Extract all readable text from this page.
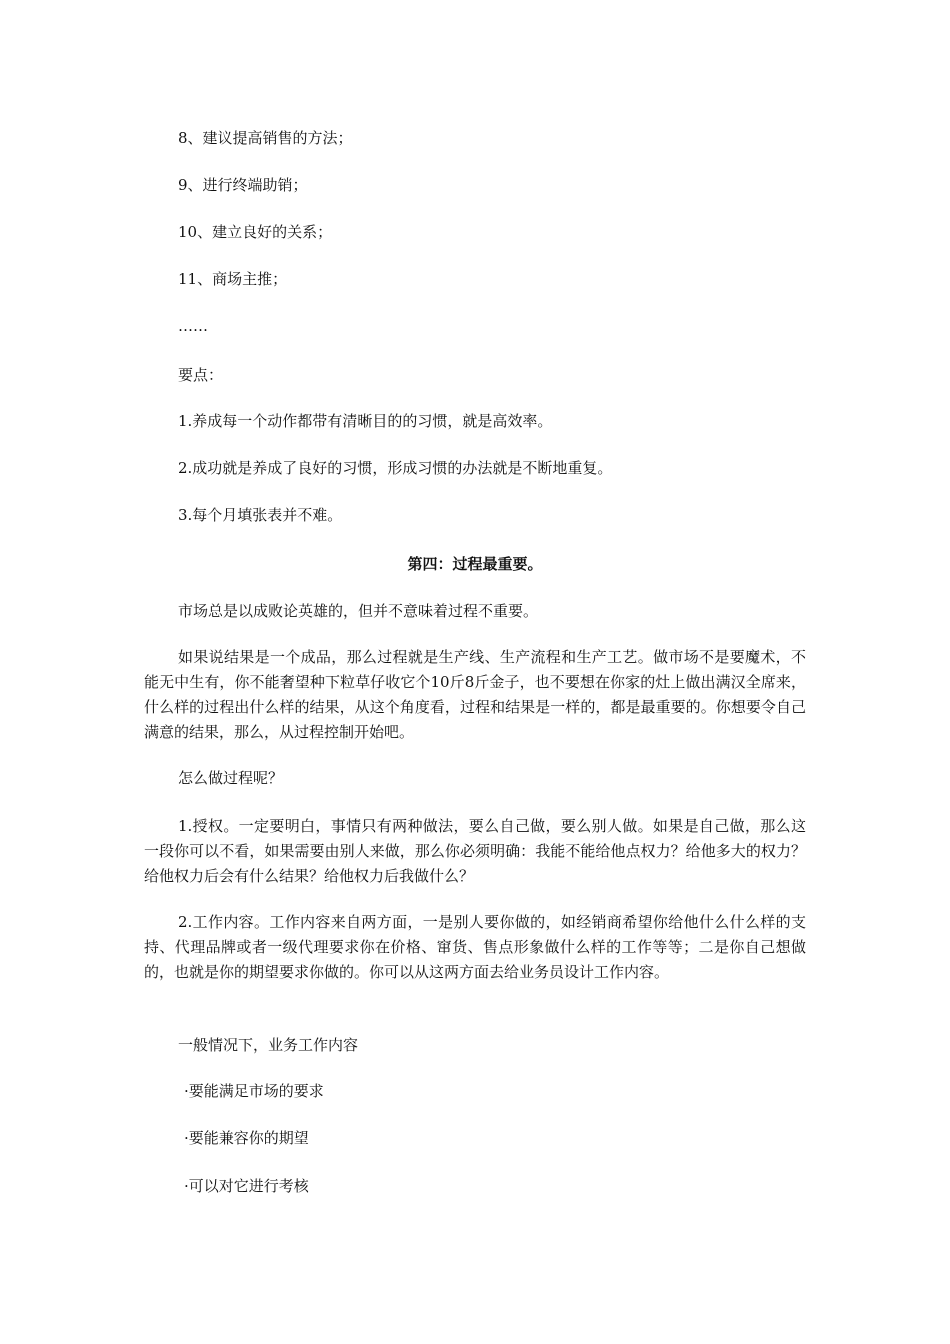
8、建议提高销售的方法；

9、进行终端助销；

10、建立良好的关系；

11、商场主推；

……

要点：

1.养成每一个动作都带有清晰目的的习惯，就是高效率。

2.成功就是养成了良好的习惯，形成习惯的办法就是不断地重复。

3.每个月填张表并不难。

第四：过程最重要。

市场总是以成败论英雄的，但并不意味着过程不重要。

如果说结果是一个成品，那么过程就是生产线、生产流程和生产工艺。做市场不是要魔术，不能无中生有，你不能奢望种下粒草仔收它个10斤8斤金子，也不要想在你家的灶上做出满汉全席来，什么样的过程出什么样的结果，从这个角度看，过程和结果是一样的，都是最重要的。你想要令自己满意的结果，那么，从过程控制开始吧。

怎么做过程呢？

1.授权。一定要明白，事情只有两种做法，要么自己做，要么别人做。如果是自己做，那么这一段你可以不看，如果需要由别人来做，那么你必须明确：我能不能给他点权力？给他多大的权力？给他权力后会有什么结果？给他权力后我做什么？

2.工作内容。工作内容来自两方面，一是别人要你做的，如经销商希望你给他什么什么样的支持、代理品牌或者一级代理要求你在价格、窜货、售点形象做什么样的工作等等；二是你自己想做的，也就是你的期望要求你做的。你可以从这两方面去给业务员设计工作内容。

一般情况下，业务工作内容

·要能满足市场的要求

·要能兼容你的期望

·可以对它进行考核
